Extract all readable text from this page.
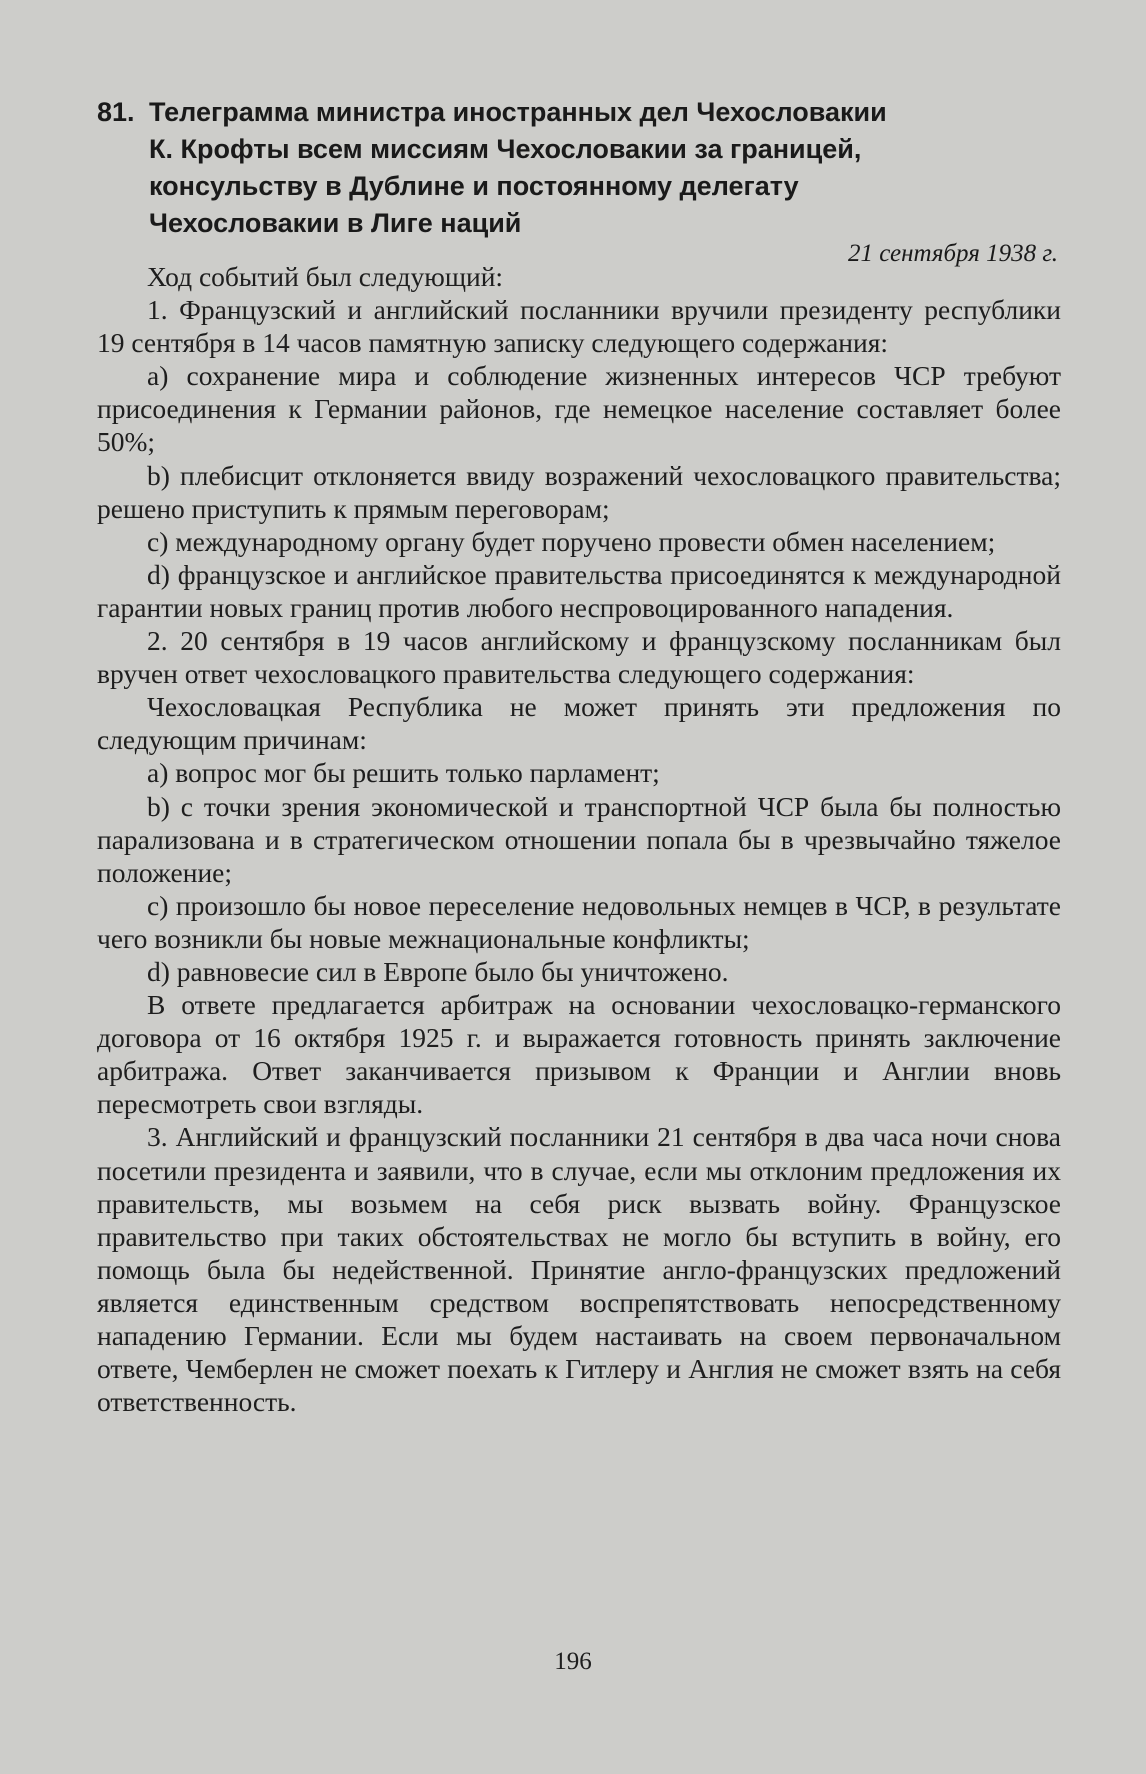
81. Телеграмма министра иностранных дел Чехословакии
К. Крофты всем миссиям Чехословакии за границей,
консульству в Дублине и постоянному делегату
Чехословакии в Лиге наций
21 сентября 1938 г.

Ход событий был следующий:

1. Французский и английский посланники вручили президенту республики 19 сентября в 14 часов памятную записку следующего содержания:

a) сохранение мира и соблюдение жизненных интересов ЧСР требуют присоединения к Германии районов, где немецкое население составляет более 50%;

b) плебисцит отклоняется ввиду возражений чехословацкого правительства; решено приступить к прямым переговорам;

c) международному органу будет поручено провести обмен населением;

d) французское и английское правительства присоединятся к международной гарантии новых границ против любого неспровоцированного нападения.

2. 20 сентября в 19 часов английскому и французскому посланникам был вручен ответ чехословацкого правительства следующего содержания:

Чехословацкая Республика не может принять эти предложения по следующим причинам:

a) вопрос мог бы решить только парламент;

b) с точки зрения экономической и транспортной ЧСР была бы полностью парализована и в стратегическом отношении попала бы в чрезвычайно тяжелое положение;

c) произошло бы новое переселение недовольных немцев в ЧСР, в результате чего возникли бы новые межнациональные конфликты;

d) равновесие сил в Европе было бы уничтожено.

В ответе предлагается арбитраж на основании чехословацко-германского договора от 16 октября 1925 г. и выражается готовность принять заключение арбитража. Ответ заканчивается призывом к Франции и Англии вновь пересмотреть свои взгляды.

3. Английский и французский посланники 21 сентября в два часа ночи снова посетили президента и заявили, что в случае, если мы отклоним предложения их правительств, мы возьмем на себя риск вызвать войну. Французское правительство при таких обстоятельствах не могло бы вступить в войну, его помощь была бы недейственной. Принятие англо-французских предложений является единственным средством воспрепятствовать непосредственному нападению Германии. Если мы будем настаивать на своем первоначальном ответе, Чемберлен не сможет поехать к Гитлеру и Англия не сможет взять на себя ответственность.

196
